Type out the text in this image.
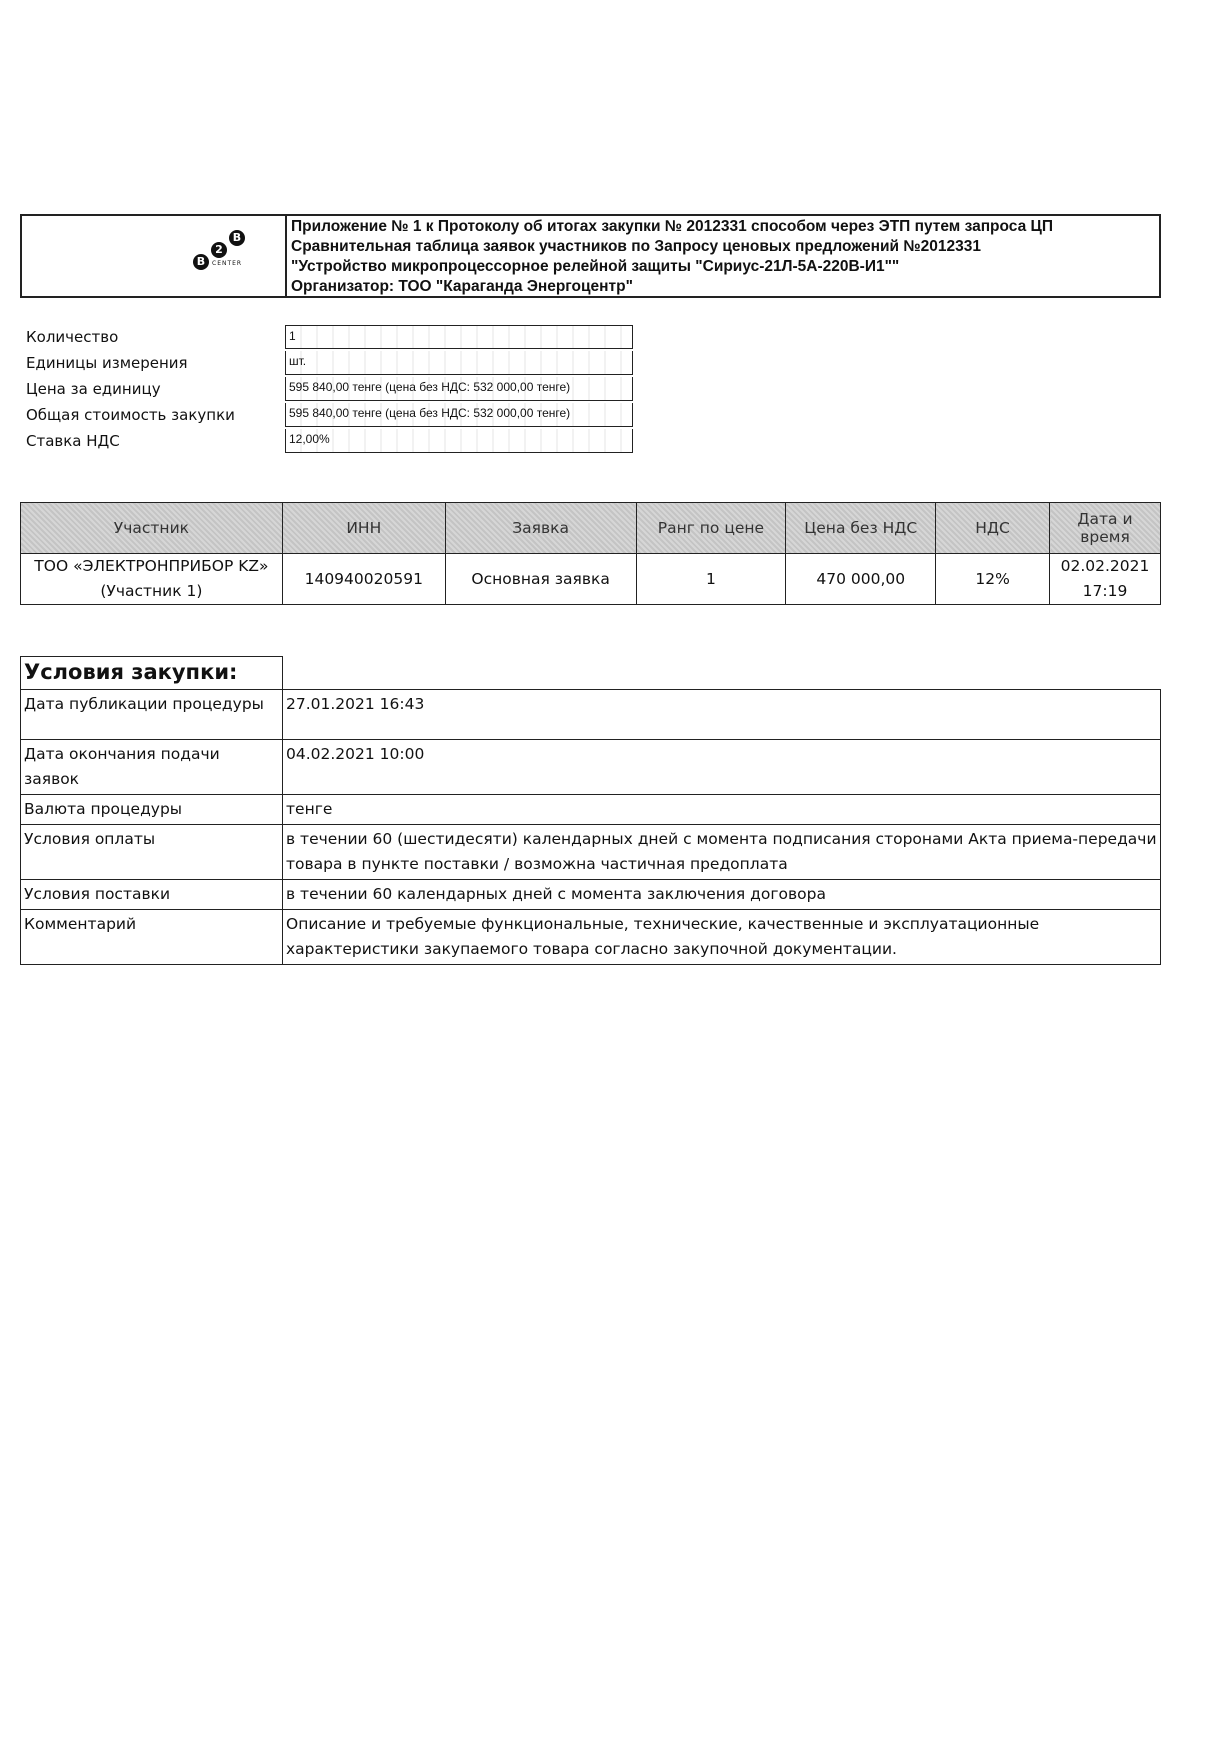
B
2
B
CENTER
Приложение № 1 к Протоколу об итогах закупки № 2012331 способом через ЭТП путем запроса ЦП
Сравнительная таблица заявок участников по Запросу ценовых предложений №2012331
"Устройство микропроцессорное релейной защиты "Сириус-21Л-5А-220В-И1""
Организатор: ТОО "Караганда Энергоцентр"
Количество	1
Единицы измерения	шт.
Цена за единицу	595 840,00 тенге (цена без НДС: 532 000,00 тенге)
Общая стоимость закупки	595 840,00 тенге (цена без НДС: 532 000,00 тенге)
Ставка НДС	12,00%
Участник	ИНН	Заявка	Ранг по цене	Цена без НДС	НДС	Дата и время
ТОО «ЭЛЕКТРОНПРИБОР KZ» (Участник 1)	140940020591	Основная заявка	1	470 000,00	12%	02.02.2021 17:19
Условия закупки:	
Дата публикации процедуры	27.01.2021 16:43
Дата окончания подачи заявок	04.02.2021 10:00
Валюта процедуры	тенге
Условия оплаты	в течении 60 (шестидесяти) календарных дней с момента подписания сторонами Акта приема-передачи товара в пункте поставки / возможна частичная предоплата
Условия поставки	в течении 60 календарных дней с момента заключения договора
Комментарий	Описание и требуемые функциональные, технические, качественные и эксплуатационные характеристики закупаемого товара согласно закупочной документации.
